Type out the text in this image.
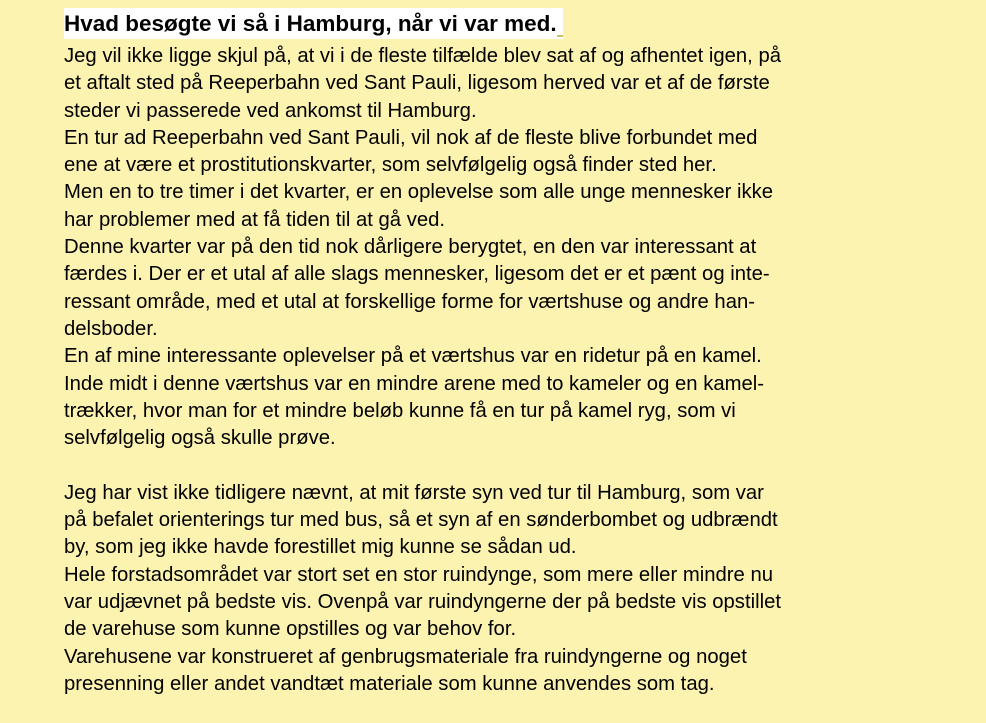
Hvad besøgte vi så i Hamburg, når vi var med.

Jeg vil ikke ligge skjul på, at vi i de fleste tilfælde blev sat af og afhentet igen, på

et aftalt sted på Reeperbahn ved Sant Pauli, ligesom herved var et af de første

steder vi passerede ved ankomst til Hamburg.

En tur ad Reeperbahn ved Sant Pauli, vil nok af de fleste blive forbundet med

ene at være et prostitutionskvarter, som selvfølgelig også finder sted her.

Men en to tre timer i det kvarter, er en oplevelse som alle unge mennesker ikke

har problemer med at få tiden til at gå ved.

Denne kvarter var på den tid nok dårligere berygtet, en den var interessant at

færdes i. Der er et utal af alle slags mennesker, ligesom det er et pænt og inte-

ressant område, med et utal at forskellige forme for værtshuse og andre han-

delsboder.

En af mine interessante oplevelser på et værtshus var en ridetur på en kamel.

Inde midt i denne værtshus var en mindre arene med to kameler og en kamel-

trækker, hvor man for et mindre beløb kunne få en tur på kamel ryg, som vi

selvfølgelig også skulle prøve.

Jeg har vist ikke tidligere nævnt, at mit første syn ved tur til Hamburg, som var

på befalet orienterings tur med bus, så et syn af en sønderbombet og udbrændt

by, som jeg ikke havde forestillet mig kunne se sådan ud.

Hele forstadsområdet var stort set en stor ruindynge, som mere eller mindre nu

var udjævnet på bedste vis. Ovenpå var ruindyngerne der på bedste vis opstillet

de varehuse som kunne opstilles og var behov for.

Varehusene var konstrueret af genbrugsmateriale fra ruindyngerne og noget

presenning eller andet vandtæt materiale som kunne anvendes som tag.
